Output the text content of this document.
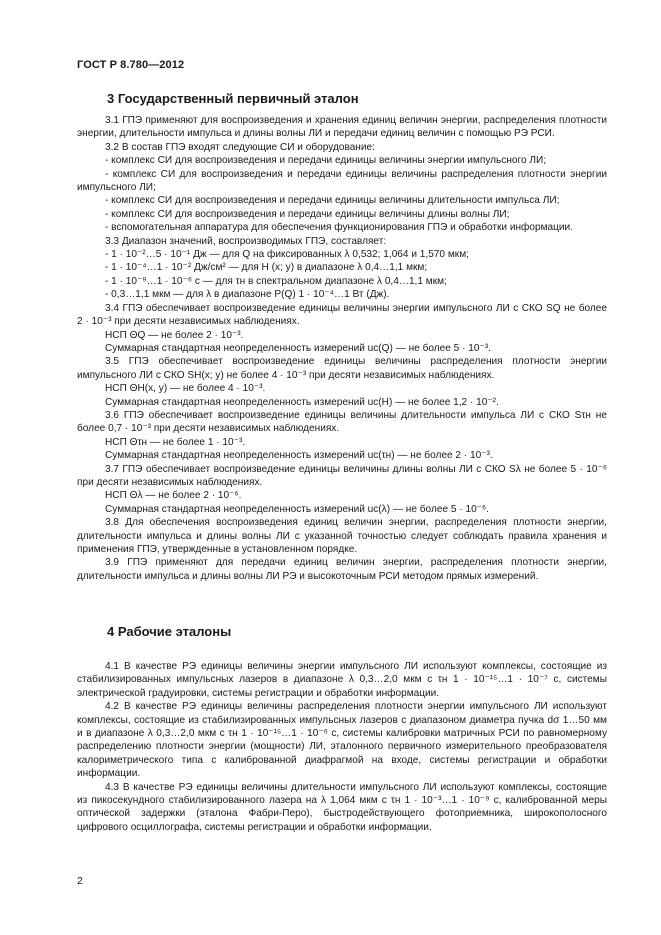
ГОСТ Р 8.780—2012
3 Государственный первичный эталон

3.1 ГПЭ применяют для воспроизведения и хранения единиц величин энергии, распределения плотности энергии, длительности импульса и длины волны ЛИ и передачи единиц величин с помощью РЭ РСИ.

3.2 В состав ГПЭ входят следующие СИ и оборудование:

- комплекс СИ для воспроизведения и передачи единицы величины энергии импульсного ЛИ;

- комплекс СИ для воспроизведения и передачи единицы величины распределения плотности энергии импульсного ЛИ;

- комплекс СИ для воспроизведения и передачи единицы величины длительности импульса ЛИ;

- комплекс СИ для воспроизведения и передачи единицы величины длины волны ЛИ;

- вспомогательная аппаратура для обеспечения функционирования ГПЭ и обработки информации.

3.3 Диапазон значений, воспроизводимых ГПЭ, составляет:

- 1 · 10⁻²…5 · 10⁻¹ Дж — для Q на фиксированных λ 0,532; 1,064 и 1,570 мкм;

- 1 · 10⁻⁴…1 · 10⁻² Дж/см² — для H (x; y) в диапазоне λ 0,4…1,1 мкм;

- 1 · 10⁻⁹…1 · 10⁻⁶ с — для τн в спектральном диапазоне λ 0,4…1,1 мкм;

- 0,3…1,1 мкм — для λ в диапазоне P(Q) 1 · 10⁻⁴…1 Вт (Дж).

3.4 ГПЭ обеспечивает воспроизведение единицы величины энергии импульсного ЛИ с СКО SQ не более 2 · 10⁻³ при десяти независимых наблюдениях.

НСП ΘQ — не более 2 · 10⁻³.

Суммарная стандартная неопределенность измерений uc(Q) — не более 5 · 10⁻³.

3.5 ГПЭ обеспечивает воспроизведение единицы величины распределения плотности энергии импульсного ЛИ с СКО SH(x; y) не более 4 · 10⁻³ при десяти независимых наблюдениях.

НСП ΘH(x, y) — не более 4 · 10⁻³.

Суммарная стандартная неопределенность измерений uc(H) — не более 1,2 · 10⁻².

3.6 ГПЭ обеспечивает воспроизведение единицы величины длительности импульса ЛИ с СКО Sτн не более 0,7 · 10⁻³ при десяти независимых наблюдениях.

НСП Θτн — не более 1 · 10⁻³.

Суммарная стандартная неопределенность измерений uc(τн) — не более 2 · 10⁻³.

3.7 ГПЭ обеспечивает воспроизведение единицы величины длины волны ЛИ с СКО Sλ не более 5 · 10⁻⁶ при десяти независимых наблюдениях.

НСП Θλ — не более 2 · 10⁻⁶.

Суммарная стандартная неопределенность измерений uc(λ) — не более 5 · 10⁻⁶.

3.8 Для обеспечения воспроизведения единиц величин энергии, распределения плотности энергии, длительности импульса и длины волны ЛИ с указанной точностью следует соблюдать правила хранения и применения ГПЭ, утвержденные в установленном порядке.

3.9 ГПЭ применяют для передачи единиц величин энергии, распределения плотности энергии, длительности импульса и длины волны ЛИ РЭ и высокоточным РСИ методом прямых измерений.

4 Рабочие эталоны

4.1 В качестве РЭ единицы величины энергии импульсного ЛИ используют комплексы, состоящие из стабилизированных импульсных лазеров в диапазоне λ 0,3…2,0 мкм с τн 1 · 10⁻¹⁵…1 · 10⁻⁷ с, системы электрической градуировки, системы регистрации и обработки информации.

4.2 В качестве РЭ единицы величины распределения плотности энергии импульсного ЛИ используют комплексы, состоящие из стабилизированных импульсных лазеров с диапазоном диаметра пучка dσ 1…50 мм и в диапазоне λ 0,3…2,0 мкм с τн 1 · 10⁻¹⁵…1 · 10⁻⁶ с, системы калибровки матричных РСИ по равномерному распределению плотности энергии (мощности) ЛИ, эталонного первичного измерительного преобразователя калориметрического типа с калиброванной диафрагмой на входе, системы регистрации и обработки информации.

4.3 В качестве РЭ единицы величины длительности импульсного ЛИ используют комплексы, состоящие из пикосекундного стабилизированного лазера на λ 1,064 мкм с τн 1 · 10⁻³…1 · 10⁻⁹ с, калиброванной меры оптической задержки (эталона Фабри-Перо), быстродействующего фотоприемника, широкополосного цифрового осциллографа, системы регистрации и обработки информации.

2
